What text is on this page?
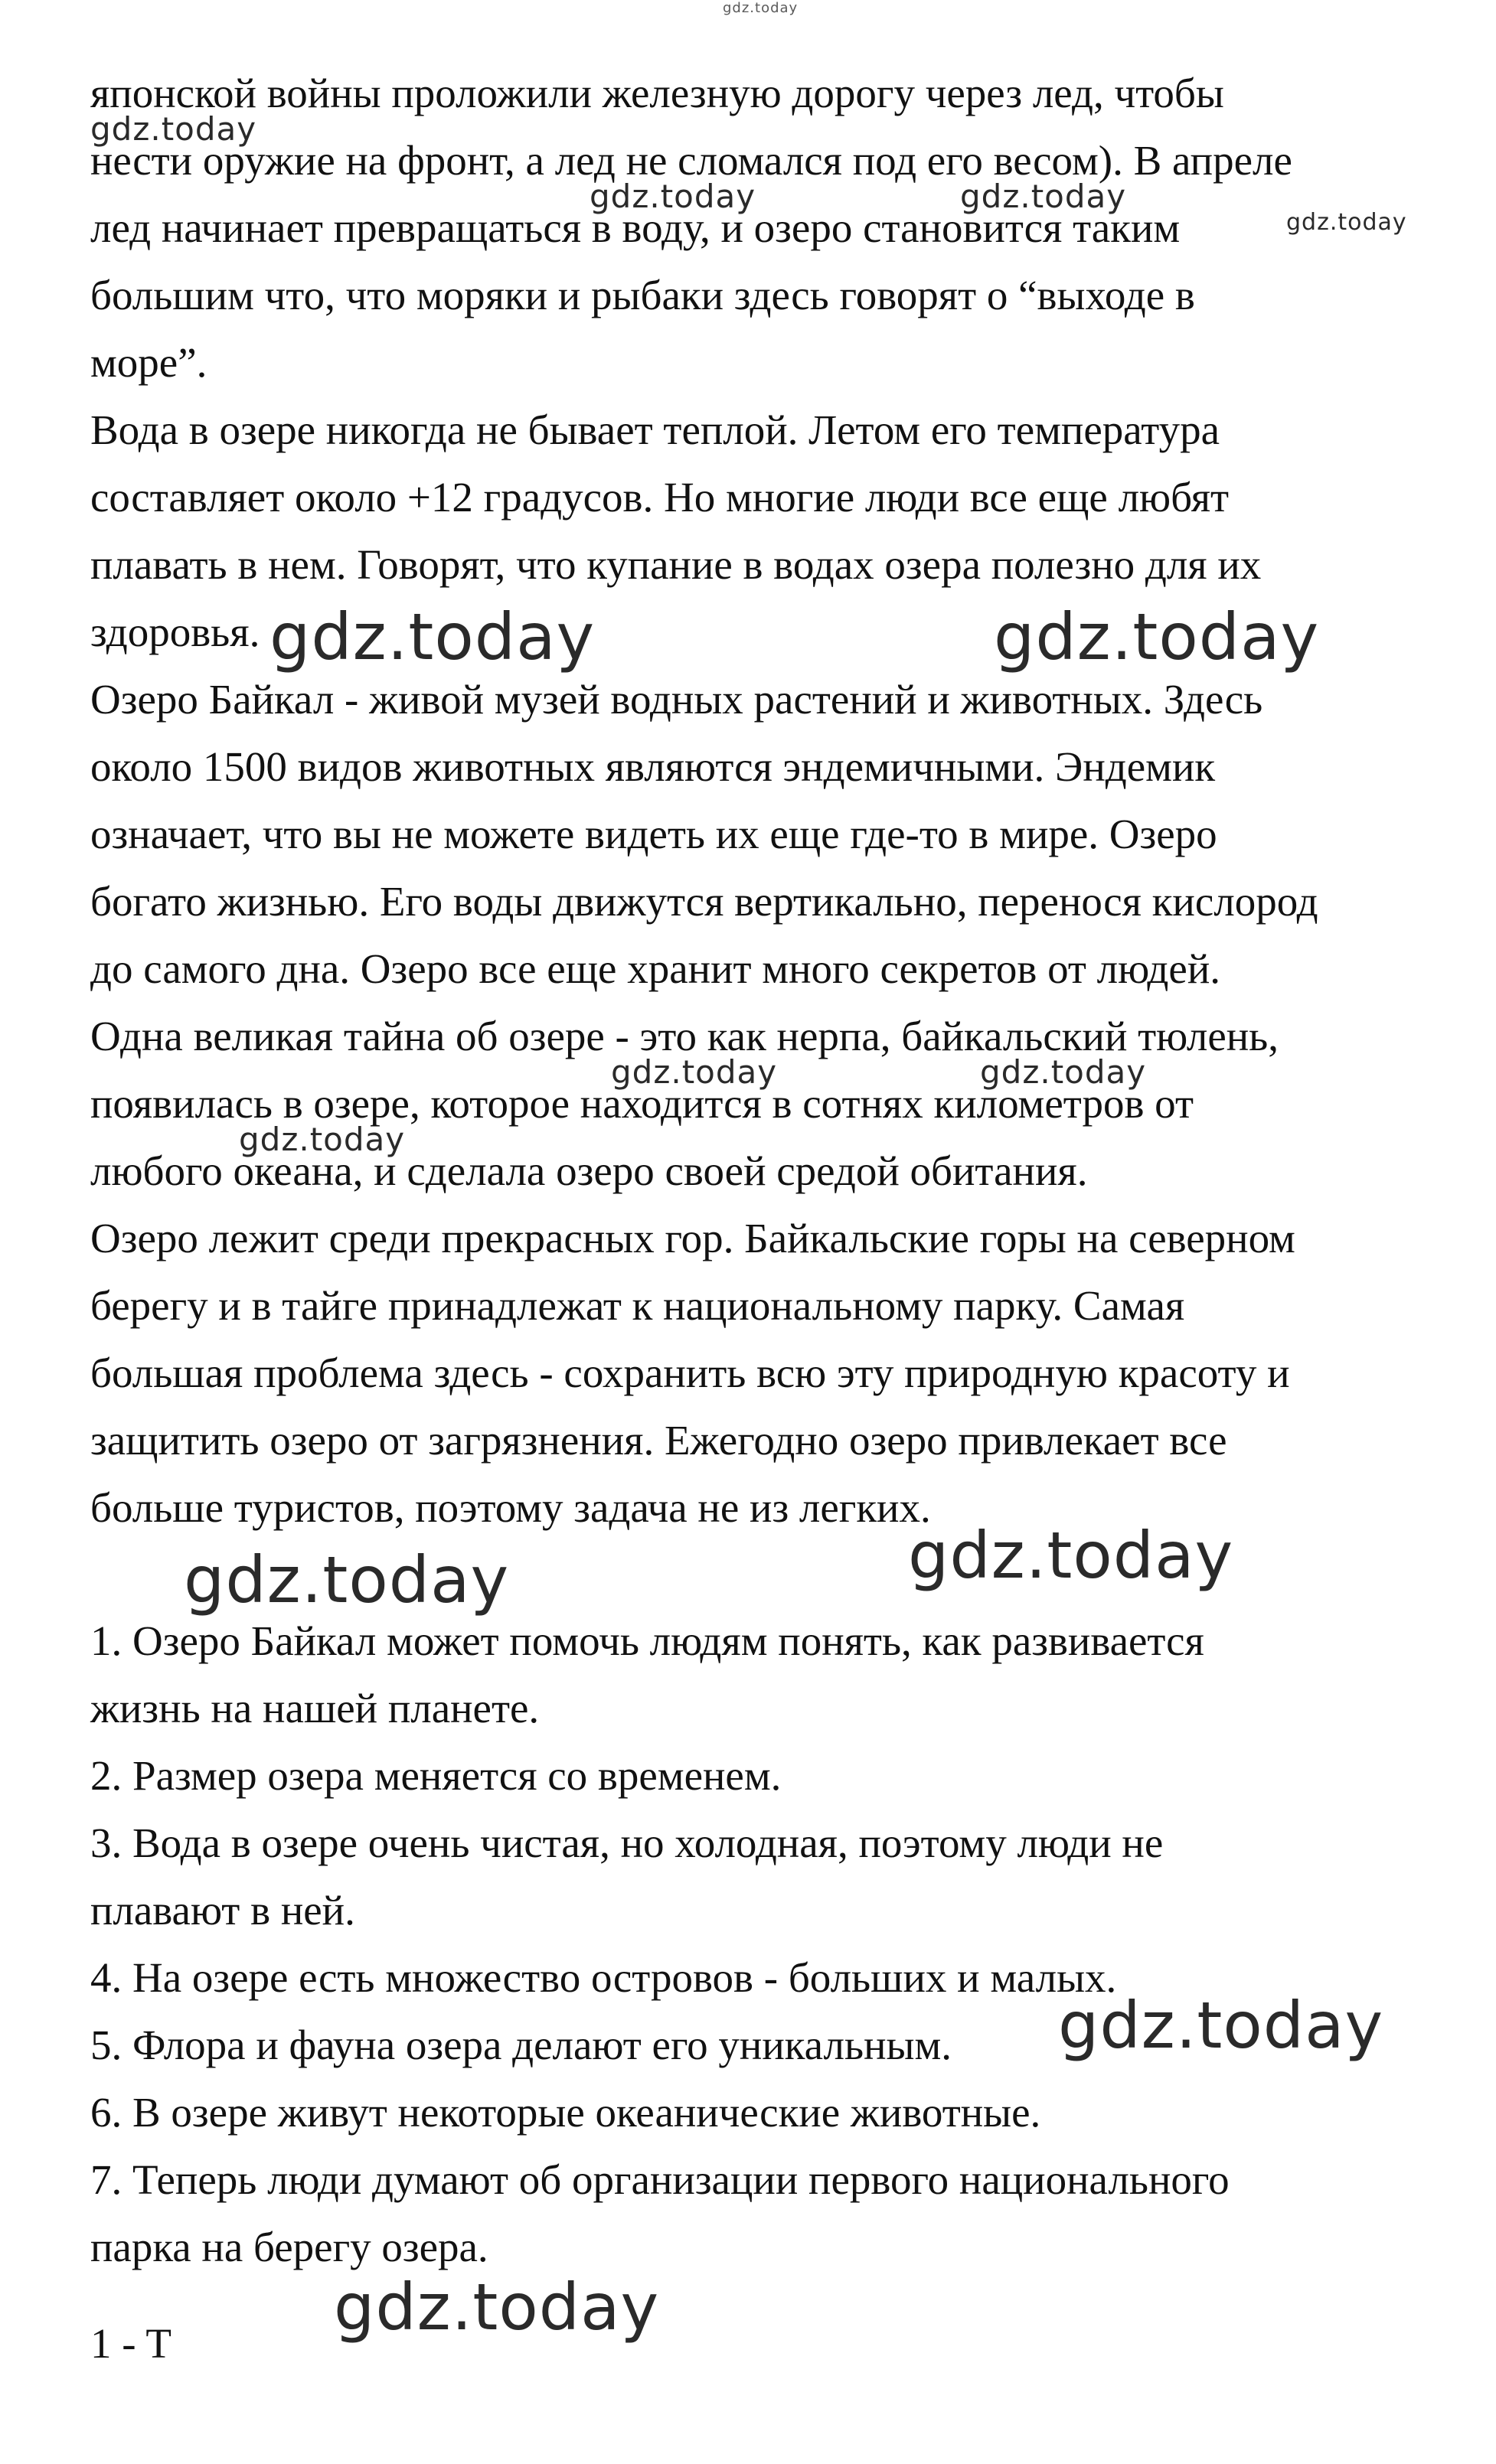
японской войны проложили железную дорогу через лед, чтобы
нести оружие на фронт, а лед не сломался под его весом). В апреле
лед начинает превращаться в воду, и озеро становится таким
большим что, что моряки и рыбаки здесь говорят о “выходе в
море”.
Вода в озере никогда не бывает теплой. Летом его температура
составляет около +12 градусов. Но многие люди все еще любят
плавать в нем. Говорят, что купание в водах озера полезно для их
здоровья.
Озеро Байкал - живой музей водных растений и животных. Здесь
около 1500 видов животных являются эндемичными. Эндемик
означает, что вы не можете видеть их еще где-то в мире. Озеро
богато жизнью. Его воды движутся вертикально, перенося кислород
до самого дна. Озеро все еще хранит много секретов от людей.
Одна великая тайна об озере - это как нерпа, байкальский тюлень,
появилась в озере, которое находится в сотнях километров от
любого океана, и сделала озеро своей средой обитания.
Озеро лежит среди прекрасных гор. Байкальские горы на северном
берегу и в тайге принадлежат к национальному парку. Самая
большая проблема здесь - сохранить всю эту природную красоту и
защитить озеро от загрязнения. Ежегодно озеро привлекает все
больше туристов, поэтому задача не из легких.
1. Озеро Байкал может помочь людям понять, как развивается
жизнь на нашей планете.
2. Размер озера меняется со временем.
3. Вода в озере очень чистая, но холодная, поэтому люди не
плавают в ней.
4. На озере есть множество островов - больших и малых.
5. Флора и фауна озера делают его уникальным.
6. В озере живут некоторые океанические животные.
7. Теперь люди думают об организации первого национального
парка на берегу озера.
1 - T
gdz.today
gdz.today
gdz.today	gdz.today
gdz.today
gdz.today	gdz.today
gdz.today	gdz.today
gdz.today
gdz.today	gdz.today
gdz.today
gdz.today
